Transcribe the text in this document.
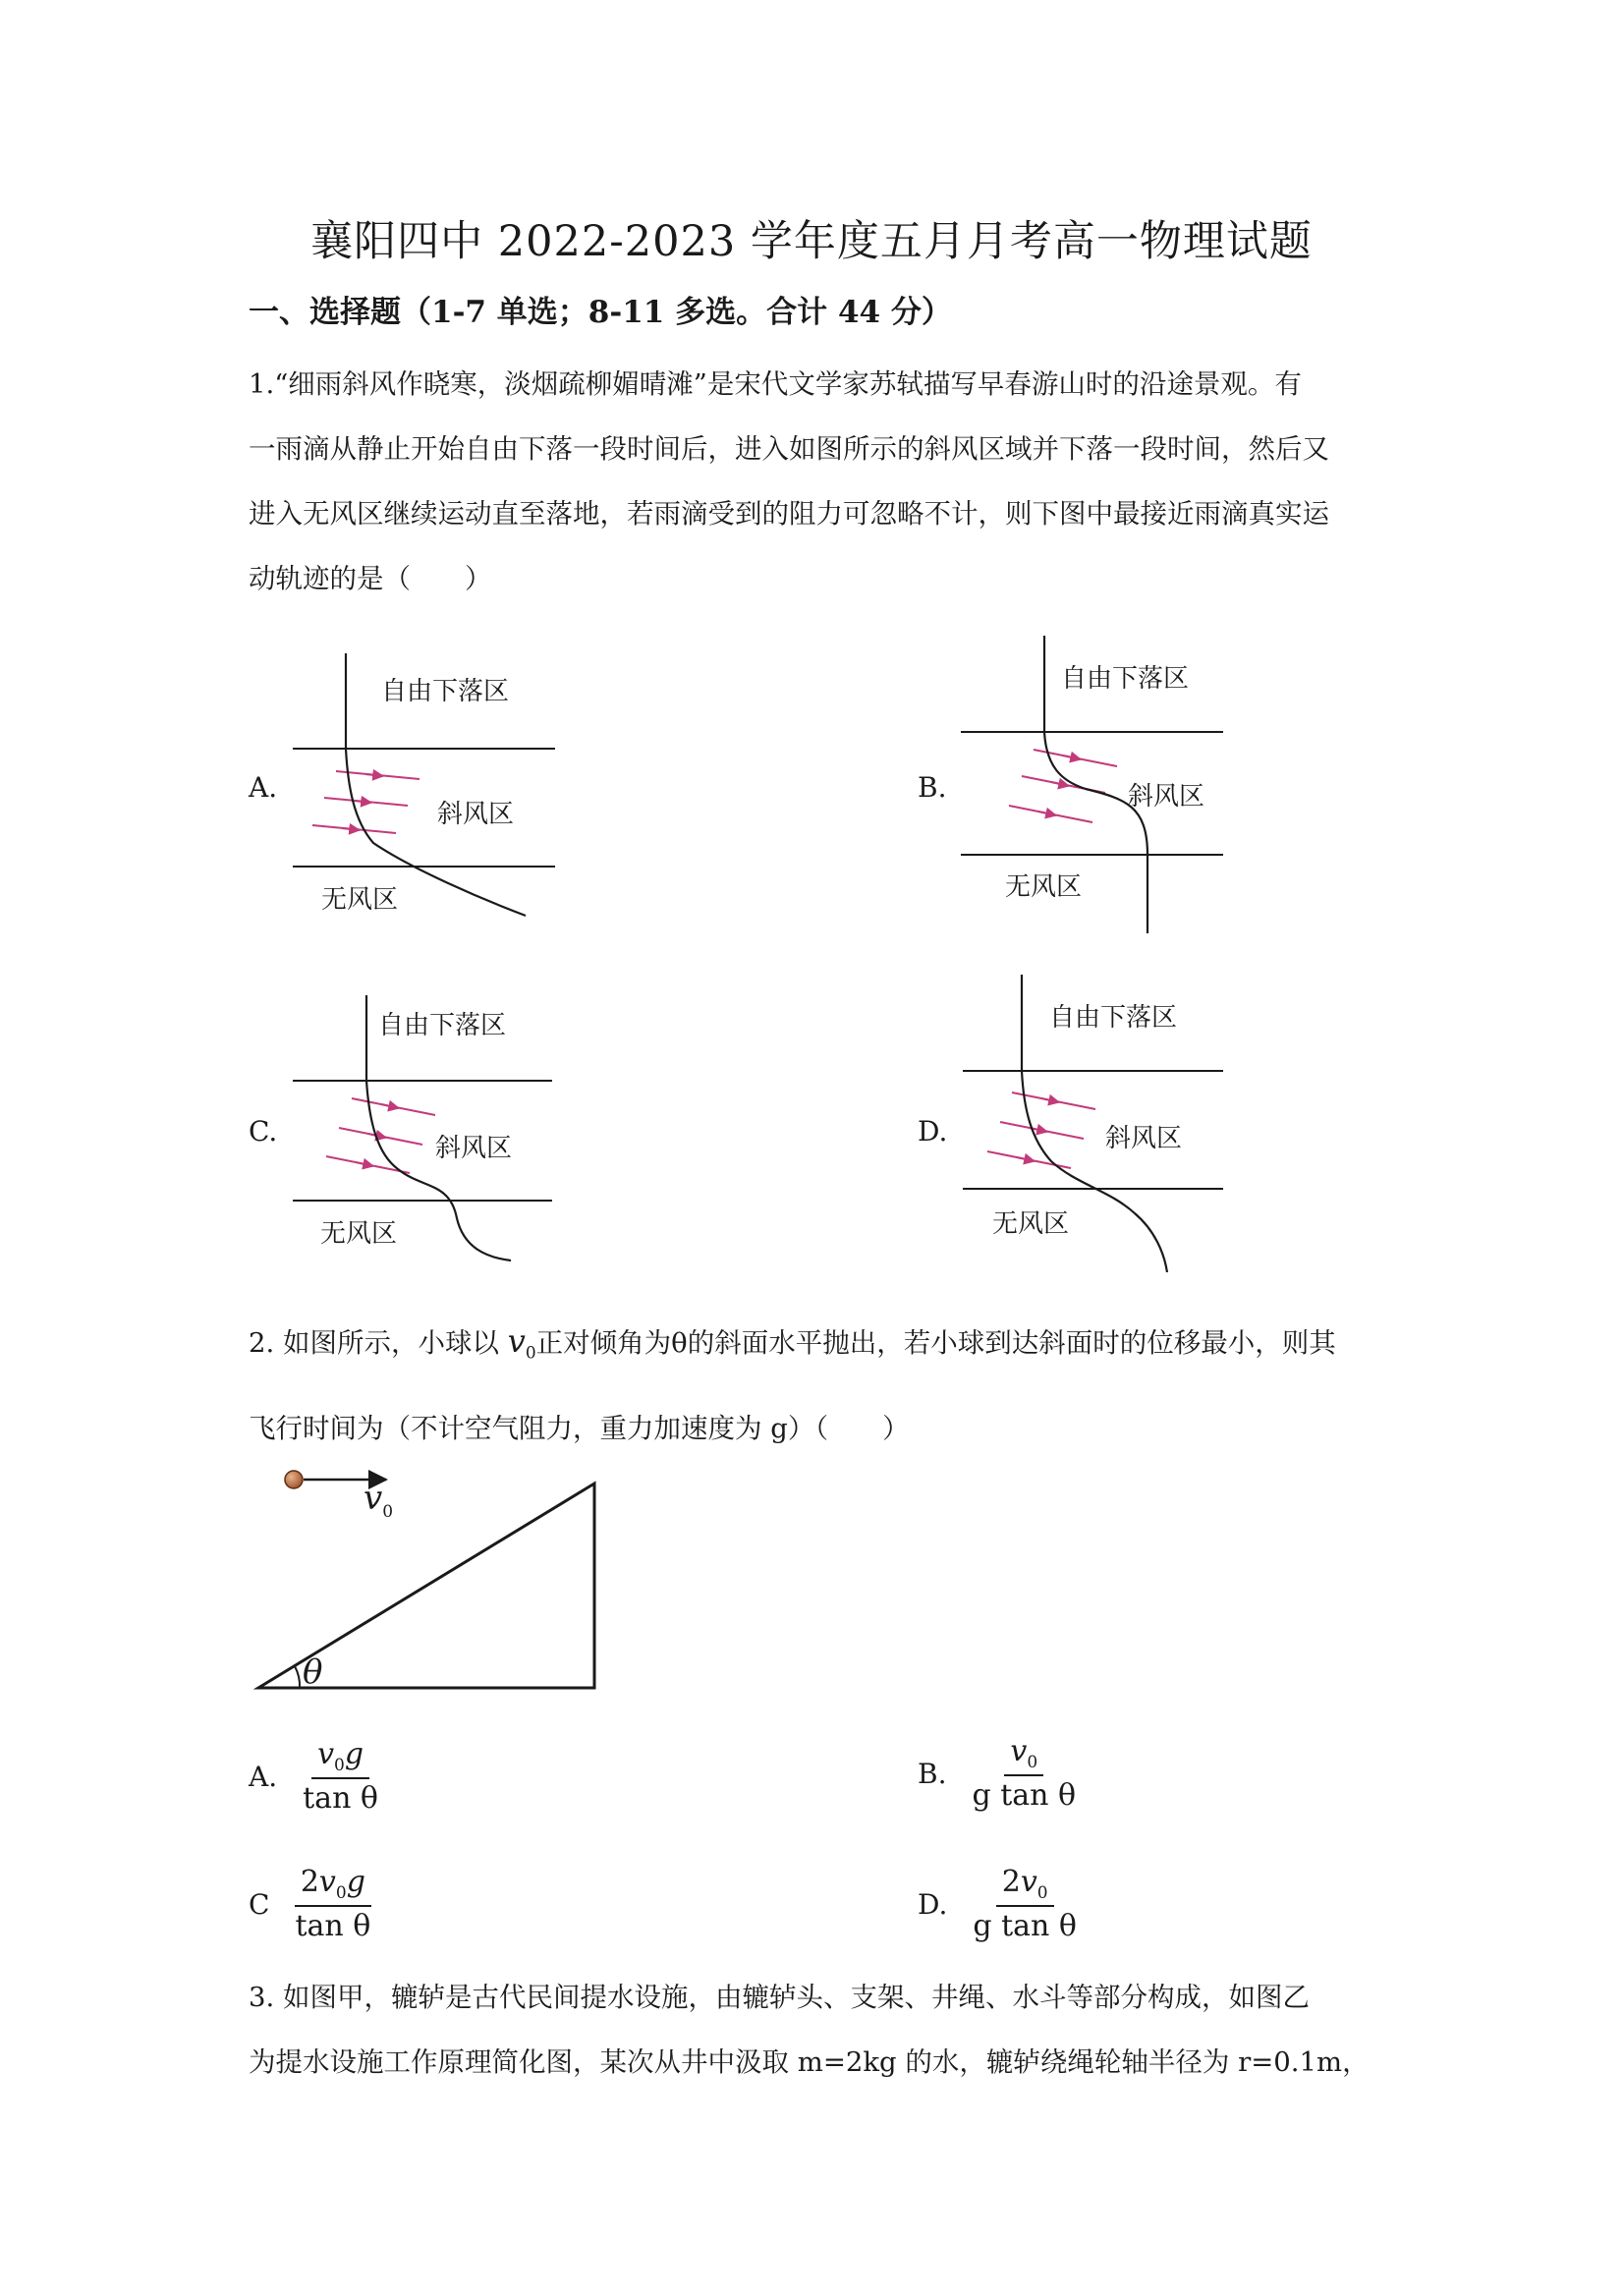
襄阳四中 2022-2023 学年度五月月考高一物理试题
一、选择题（1-7 单选；8-11 多选。合计 44 分）

1.“细雨斜风作晓寒，淡烟疏柳媚晴滩”是宋代文学家苏轼描写早春游山时的沿途景观。有

一雨滴从静止开始自由下落一段时间后，进入如图所示的斜风区域并下落一段时间，然后又

进入无风区继续运动直至落地，若雨滴受到的阻力可忽略不计，则下图中最接近雨滴真实运

动轨迹的是（　　）

A.	B.
C.	D.
自由下落区
斜风区
无风区
自由下落区
斜风区
无风区
自由下落区
斜风区
无风区
自由下落区
斜风区
无风区

2. 如图所示，小球以 $v_0$正对倾角为θ的斜面水平抛出，若小球到达斜面时的位移最小，则其

飞行时间为（不计空气阻力，重力加速度为 g）（　　）

$v_0$
θ
A. $\frac{v_0g}{\text{tan θ}}$	B. $\frac{v_0}{\text{g tan θ}}$
C $\frac{2v_0g}{\text{tan θ}}$	D. $\frac{2v_0}{\text{g tan θ}}$

3. 如图甲，辘轳是古代民间提水设施，由辘轳头、支架、井绳、水斗等部分构成，如图乙

为提水设施工作原理简化图，某次从井中汲取 m=2kg 的水，辘轳绕绳轮轴半径为 r=0.1m，
